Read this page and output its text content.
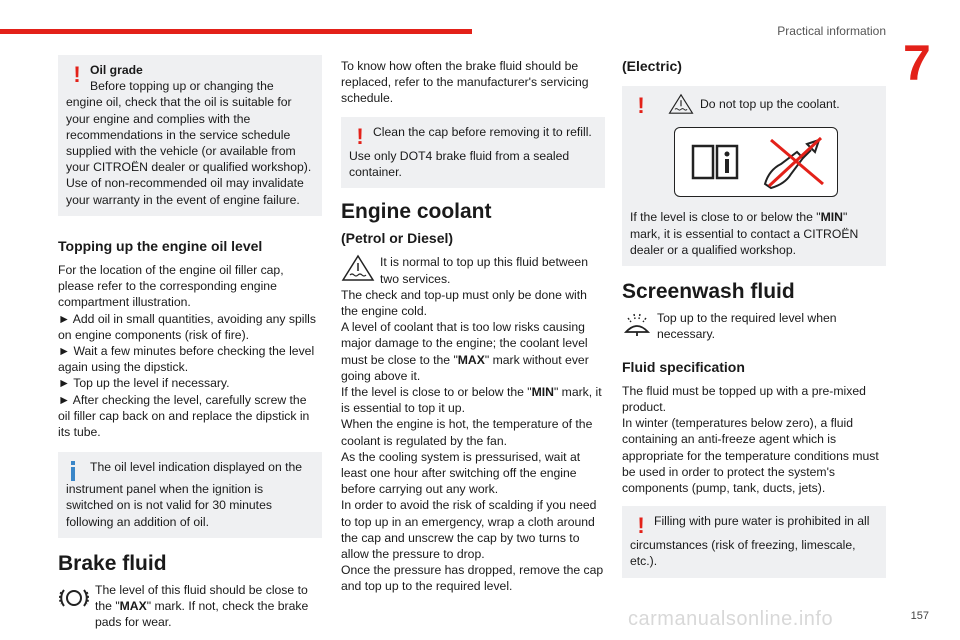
Practical information
7
! Oil grade

Before topping up or changing the

engine oil, check that the oil is suitable for your engine and complies with the recommendations in the service schedule supplied with the vehicle (or available from your CITROËN dealer or qualified workshop). Use of non-recommended oil may invalidate your warranty in the event of engine failure.

Topping up the engine oil level

For the location of the engine oil filler cap, please refer to the corresponding engine compartment illustration.

► Add oil in small quantities, avoiding any spills on engine components (risk of fire).

► Wait a few minutes before checking the level again using the dipstick.

► Top up the level if necessary.

► After checking the level, carefully screw the oil filler cap back on and replace the dipstick in its tube.

The oil level indication displayed on the

instrument panel when the ignition is switched on is not valid for 30 minutes following an addition of oil.

Brake fluid

The level of this fluid should be close to the "MAX" mark. If not, check the brake pads for wear.

To know how often the brake fluid should be replaced, refer to the manufacturer's servicing schedule.

! Clean the cap before removing it to refill.

Use only DOT4 brake fluid from a sealed container.

Engine coolant
(Petrol or Diesel)

It is normal to top up this fluid between two services.

The check and top-up must only be done with the engine cold.

A level of coolant that is too low risks causing major damage to the engine; the coolant level must be close to the "MAX" mark without ever going above it.

If the level is close to or below the "MIN" mark, it is essential to top it up.

When the engine is hot, the temperature of the coolant is regulated by the fan.

As the cooling system is pressurised, wait at least one hour after switching off the engine before carrying out any work.

In order to avoid the risk of scalding if you need to top up in an emergency, wrap a cloth around the cap and unscrew the cap by two turns to allow the pressure to drop.

Once the pressure has dropped, remove the cap and top up to the required level.

(Electric)
!	Do not top up the coolant.

If the level is close to or below the "MIN" mark, it is essential to contact a CITROËN dealer or a qualified workshop.

Screenwash fluid

Top up to the required level when necessary.

Fluid specification

The fluid must be topped up with a pre-mixed product.

In winter (temperatures below zero), a fluid containing an anti-freeze agent which is appropriate for the temperature conditions must be used in order to protect the system's components (pump, tank, ducts, jets).

! Filling with pure water is prohibited in all

circumstances (risk of freezing, limescale, etc.).

157
carmanualsonline.info
